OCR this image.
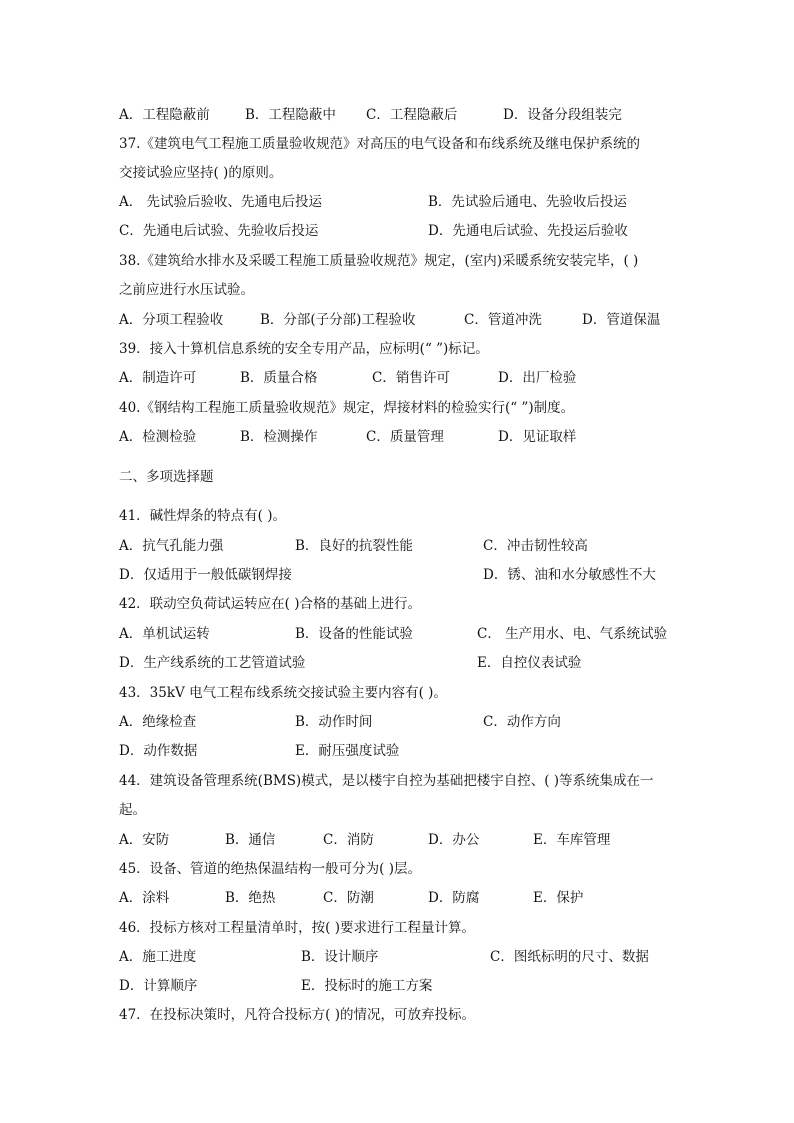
A．工程隐蔽前	B．工程隐蔽中 C．工程隐蔽后	D．设备分段组装完
37.《建筑电气工程施工质量验收规范》对高压的电气设备和布线系统及继电保护系统的
交接试验应坚持( )的原则。
A． 先试验后验收、先通电后投运	B．先试验后通电、先验收后投运
C．先通电后试验、先验收后投运	D．先通电后试验、先投运后验收
38.《建筑给水排水及采暖工程施工质量验收规范》规定，(室内)采暖系统安装完毕，( )
之前应进行水压试验。
A．分项工程验收	B．分部(子分部)工程验收	C．管道冲洗	D．管道保温
39．接入十算机信息系统的安全专用产品，应标明(“ ”)标记。
A．制造许可	B．质量合格	C．销售许可	D．出厂检验
40.《钢结构工程施工质量验收规范》规定，焊接材料的检验实行(“ ”)制度。
A．检测检验	B．检测操作	C．质量管理	D．见证取样
二、多项选择题
41．碱性焊条的特点有( )。
A．抗气孔能力强	B．良好的抗裂性能	C．冲击韧性较高
D．仅适用于一般低碳钢焊接	D．锈、油和水分敏感性不大
42．联动空负荷试运转应在( )合格的基础上进行。
A．单机试运转	B．设备的性能试验	C． 生产用水、电、气系统试验
D．生产线系统的工艺管道试验	E．自控仪表试验
43．35kV 电气工程布线系统交接试验主要内容有( )。
A．绝缘检查	B．动作时间	C．动作方向
D．动作数据	E．耐压强度试验
44．建筑设备管理系统(BMS)模式，是以楼宇自控为基础把楼宇自控、( )等系统集成在一
起。
A．安防	B．通信	C．消防	D．办公	E．车库管理
45．设备、管道的绝热保温结构一般可分为( )层。
A．涂料	B．绝热	C．防潮	D．防腐	E．保护
46．投标方核对工程量清单时，按( )要求进行工程量计算。
A．施工进度	B．设计顺序	C．图纸标明的尺寸、数据
D．计算顺序	E．投标时的施工方案
47．在投标决策时，凡符合投标方( )的情况，可放弃投标。
